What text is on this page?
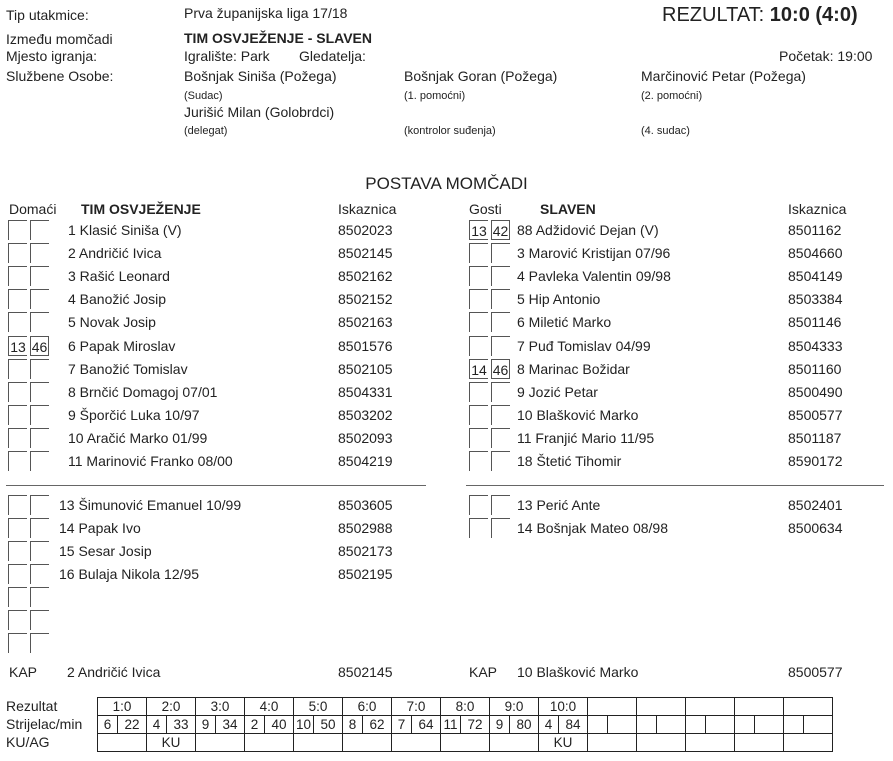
Tip utakmice:	Prva županijska liga 17/18	REZULTAT: 10:0 (4:0)
Između momčadi	TIM OSVJEŽENJE - SLAVEN
Mjesto igranja:	Igralište: Park Gledatelja:	Početak: 19:00
Službene Osobe:	Bošnjak Siniša (Požega)
(Sudac)
Bošnjak Goran (Požega)
(1. pomoćni)
Marčinović Petar (Požega)
(2. pomoćni)
Jurišić Milan (Golobrdci)
(delegat)	(kontrolor suđenja)	(4. sudac)
POSTAVA MOMČADI
Domaći TIM OSVJEŽENJE	Iskaznica	Gosti	SLAVEN	Iskaznica
1 Klasić Siniša (V)	8502023
2 Andričić Ivica	8502145
3 Rašić Leonard	8502162
4 Banožić Josip	8502152
5 Novak Josip	8502163
13 46 6 Papak Miroslav	8501576
7 Banožić Tomislav	8502105
8 Brnčić Domagoj 07/01	8504331
9 Šporčić Luka 10/97	8503202
10 Aračić Marko 01/99	8502093
11 Marinović Franko 08/00	8504219
13 42 88 Adžidović Dejan (V)	8501162
3 Marović Kristijan 07/96	8504660
4 Pavleka Valentin 09/98	8504149
5 Hip Antonio	8503384
6 Miletić Marko	8501146
7 Puđ Tomislav 04/99	8504333
14 46 8 Marinac Božidar	8501160
9 Jozić Petar	8500490
10 Blašković Marko	8500577
11 Franjić Mario 11/95	8501187
18 Štetić Tihomir	8590172
13 Šimunović Emanuel 10/99	8503605
14 Papak Ivo	8502988
15 Sesar Josip	8502173
16 Bulaja Nikola 12/95	8502195
13 Perić Ante	8502401
14 Bošnjak Mateo 08/98	8500634
KAP 2 Andričić Ivica	8502145	KAP 10 Blašković Marko	8500577
Rezultat
Strijelac/min
KU/AG
1:0		2:0		3:0		4:0		5:0		6:0		7:0		8:0		9:0		10:0											
6	22	4	33	9	34	2	40	10	50	8	62	7	64	11	72	9	80	4	84										
		KU																KU											
